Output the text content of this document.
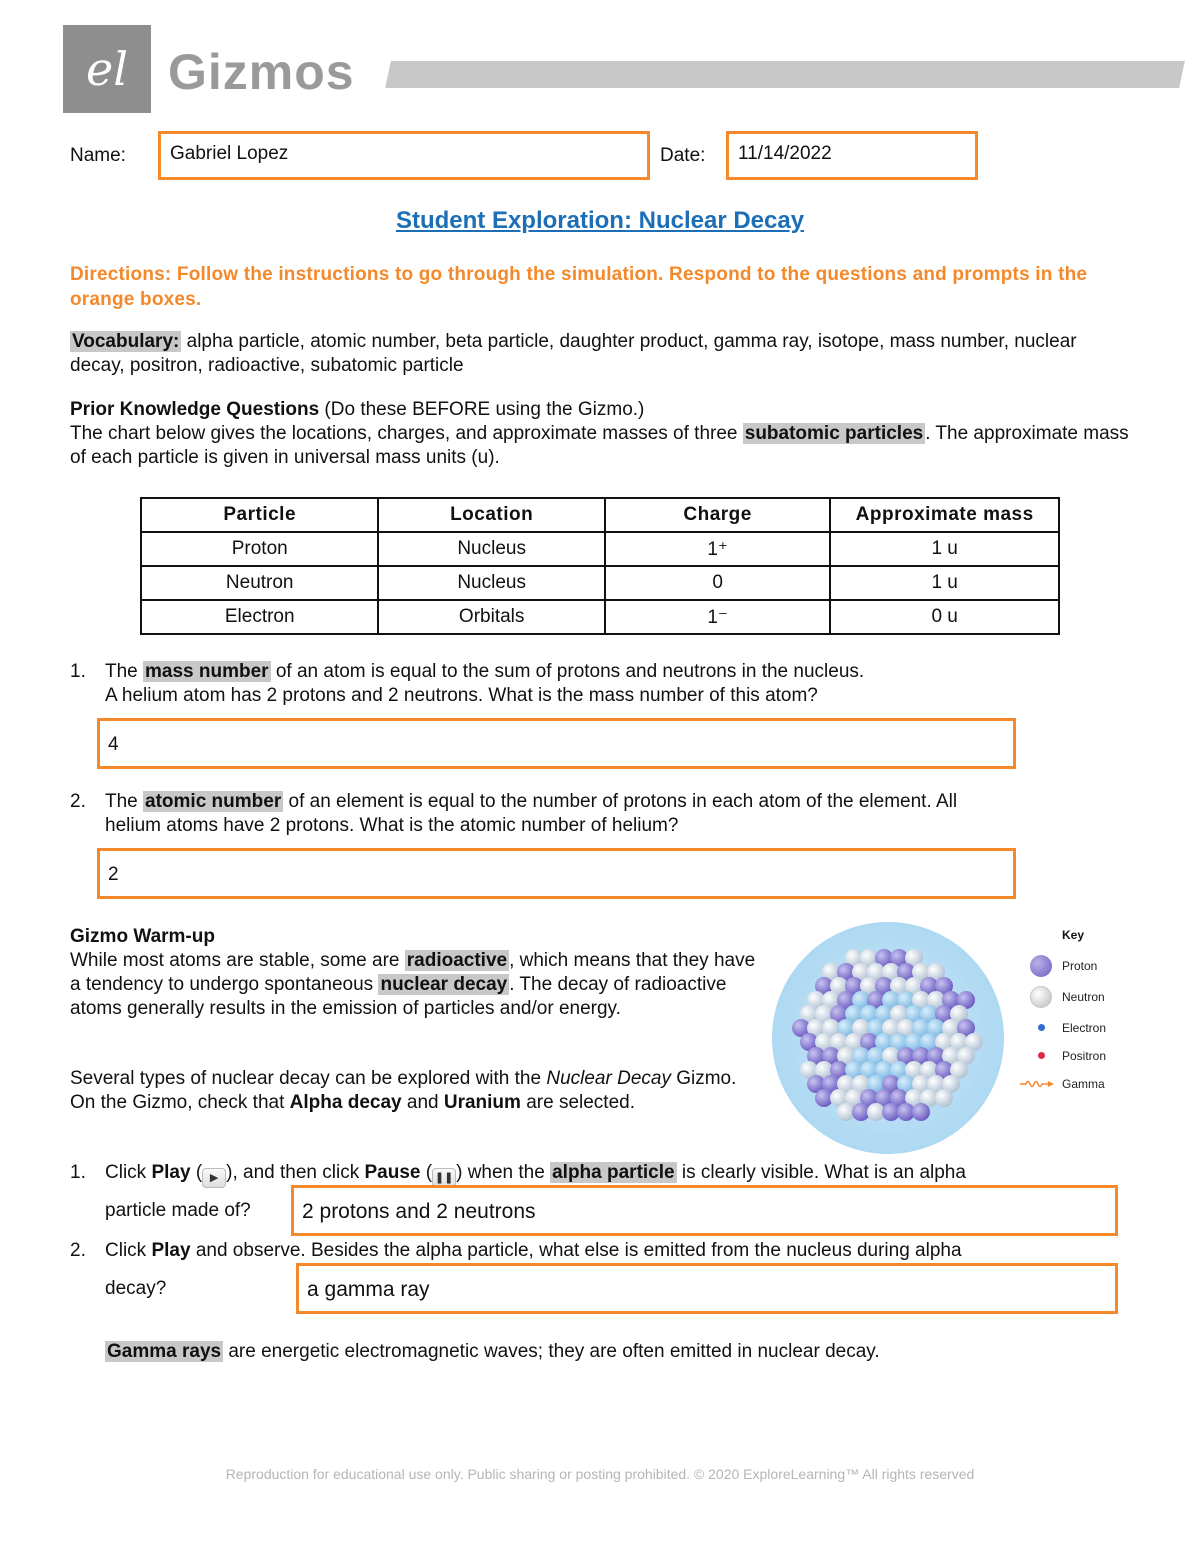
el Gizmos
Name:	Gabriel Lopez	Date:	11/14/2022
Student Exploration: Nuclear Decay
Directions: Follow the instructions to go through the simulation. Respond to the questions and prompts in the orange boxes.
Vocabulary: alpha particle, atomic number, beta particle, daughter product, gamma ray, isotope, mass number, nuclear decay, positron, radioactive, subatomic particle
Prior Knowledge Questions (Do these BEFORE using the Gizmo.)
The chart below gives the locations, charges, and approximate masses of three subatomic particles . The approximate mass of each particle is given in universal mass units (u).
Particle	Location	Charge	Approximate mass
Proton	Nucleus	1⁺	1 u
Neutron	Nucleus	0	1 u
Electron	Orbitals	1⁻	0 u
1. The mass number of an atom is equal to the sum of protons and neutrons in the nucleus.
A helium atom has 2 protons and 2 neutrons. What is the mass number of this atom?
4
2. The atomic number of an element is equal to the number of protons in each atom of the element. All
helium atoms have 2 protons. What is the atomic number of helium?
2
Gizmo Warm-up
While most atoms are stable, some are radioactive , which means that they have a tendency to undergo spontaneous nuclear decay . The decay of radioactive atoms generally results in the emission of particles and/or energy.
Several types of nuclear decay can be explored with the Nuclear Decay Gizmo. On the Gizmo, check that Alpha decay and Uranium are selected.
Key
Proton
Neutron
Electron
Positron
Gamma
1. Click Play ( ▶ ), and then click Pause ( ❚❚ ) when the alpha particle is clearly visible. What is an alpha
particle made of?	2 protons and 2 neutrons
2. Click Play and observe. Besides the alpha particle, what else is emitted from the nucleus during alpha
decay?	a gamma ray
Gamma rays are energetic electromagnetic waves; they are often emitted in nuclear decay.
Reproduction for educational use only. Public sharing or posting prohibited. © 2020 ExploreLearning™ All rights reserved
